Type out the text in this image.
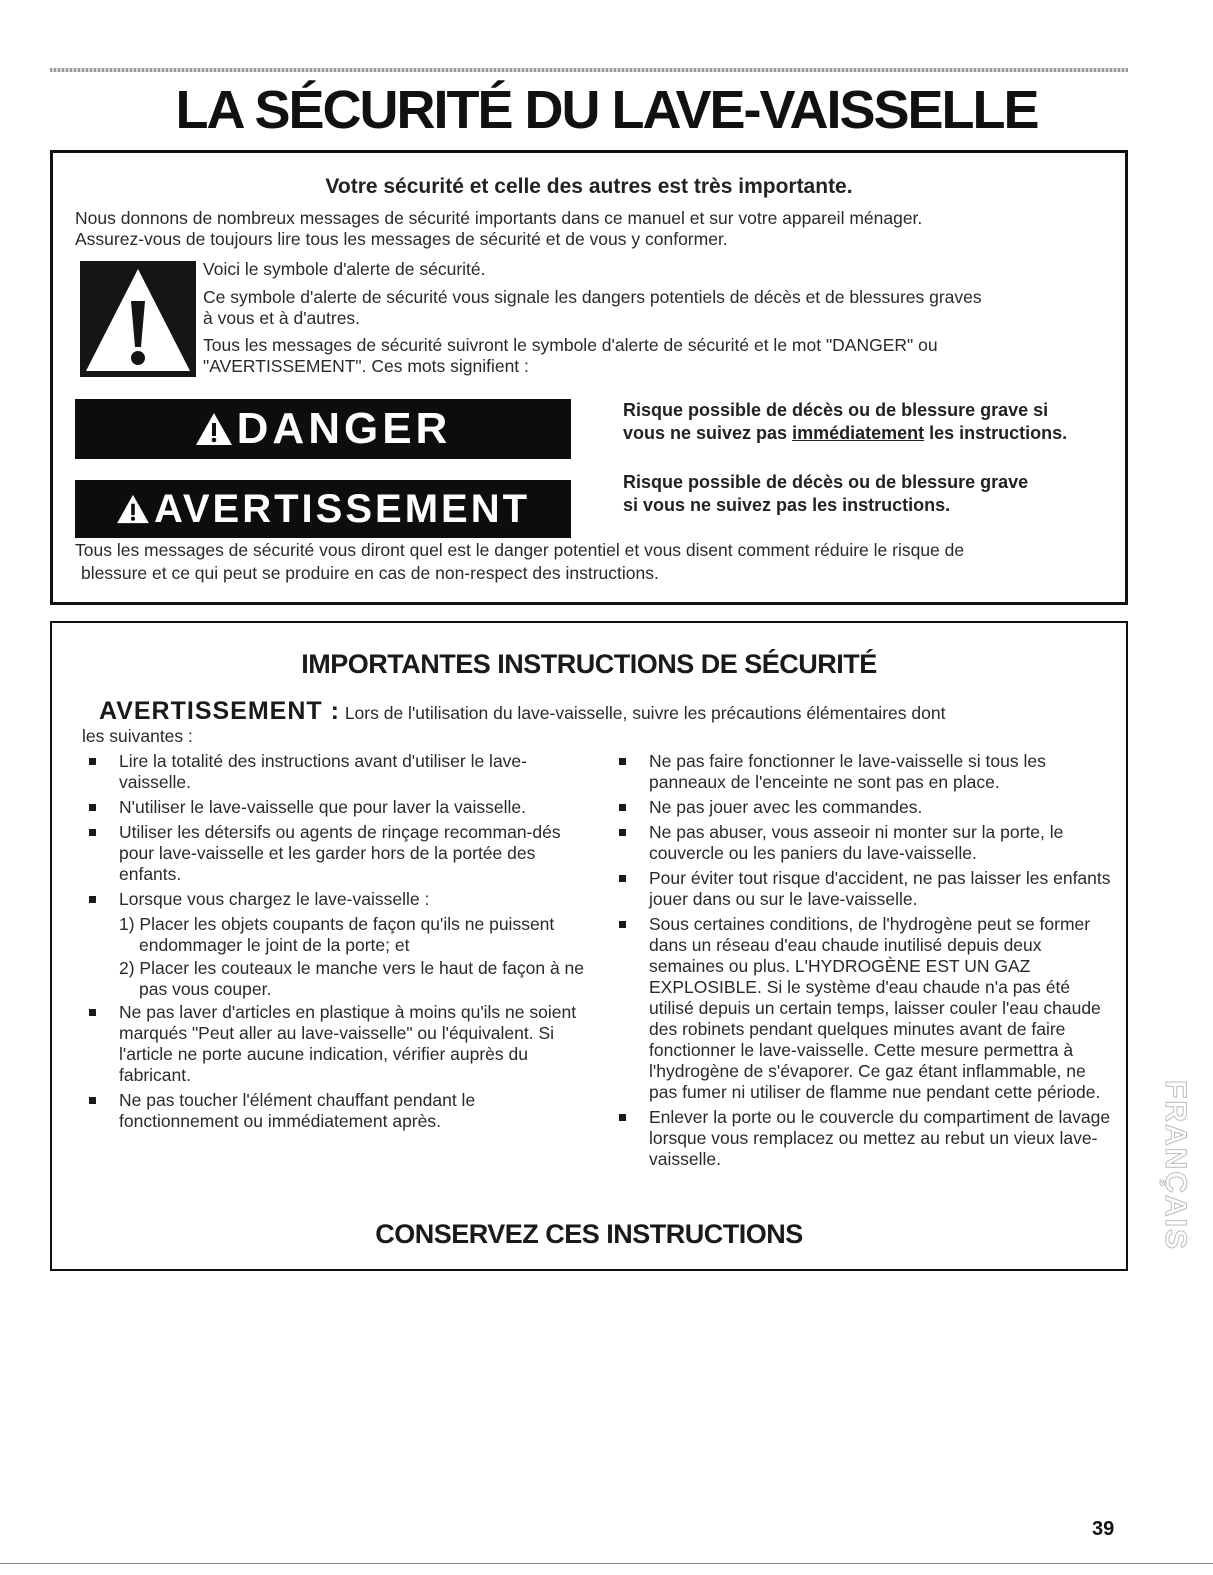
LA SÉCURITÉ DU LAVE-VAISSELLE
Votre sécurité et celle des autres est très importante.
Nous donnons de nombreux messages de sécurité importants dans ce manuel et sur votre appareil ménager.
Assurez-vous de toujours lire tous les messages de sécurité et de vous y conformer.
Voici le symbole d'alerte de sécurité.
Ce symbole d'alerte de sécurité vous signale les dangers potentiels de décès et de blessures graves
à vous et à d'autres.
Tous les messages de sécurité suivront le symbole d'alerte de sécurité et le mot "DANGER" ou
"AVERTISSEMENT". Ces mots signifient :
DANGER	Risque possible de décès ou de blessure grave si
vous ne suivez pas immédiatement les instructions.
AVERTISSEMENT
Risque possible de décès ou de blessure grave
si vous ne suivez pas les instructions.
Tous les messages de sécurité vous diront quel est le danger potentiel et vous disent comment réduire le risque de
blessure et ce qui peut se produire en cas de non-respect des instructions.
IMPORTANTES INSTRUCTIONS DE SÉCURITÉ
AVERTISSEMENT : Lors de l'utilisation du lave-vaisselle, suivre les précautions élémentaires dont
les suivantes :
Lire la totalité des instructions avant d'utiliser le lave-vaisselle.
N'utiliser le lave-vaisselle que pour laver la vaisselle.
Utiliser les détersifs ou agents de rinçage recomman-dés pour lave-vaisselle et les garder hors de la portée des enfants.
Lorsque vous chargez le lave-vaisselle :
1) Placer les objets coupants de façon qu'ils ne puissent endommager le joint de la porte; et
2) Placer les couteaux le manche vers le haut de façon à ne pas vous couper.
Ne pas laver d'articles en plastique à moins qu'ils ne soient marqués "Peut aller au lave-vaisselle" ou l'équivalent. Si l'article ne porte aucune indication, vérifier auprès du fabricant.
Ne pas toucher l'élément chauffant pendant le fonctionnement ou immédiatement après.
Ne pas faire fonctionner le lave-vaisselle si tous les panneaux de l'enceinte ne sont pas en place.
Ne pas jouer avec les commandes.
Ne pas abuser, vous asseoir ni monter sur la porte, le couvercle ou les paniers du lave-vaisselle.
Pour éviter tout risque d'accident, ne pas laisser les enfants jouer dans ou sur le lave-vaisselle.
Sous certaines conditions, de l'hydrogène peut se former dans un réseau d'eau chaude inutilisé depuis deux semaines ou plus. L'HYDROGÈNE EST UN GAZ EXPLOSIBLE. Si le système d'eau chaude n'a pas été utilisé depuis un certain temps, laisser couler l'eau chaude des robinets pendant quelques minutes avant de faire fonctionner le lave-vaisselle. Cette mesure permettra à l'hydrogène de s'évaporer. Ce gaz étant inflammable, ne pas fumer ni utiliser de flamme nue pendant cette période.
Enlever la porte ou le couvercle du compartiment de lavage lorsque vous remplacez ou mettez au rebut un vieux lave-vaisselle.
CONSERVEZ CES INSTRUCTIONS	FRANÇAIS
39
